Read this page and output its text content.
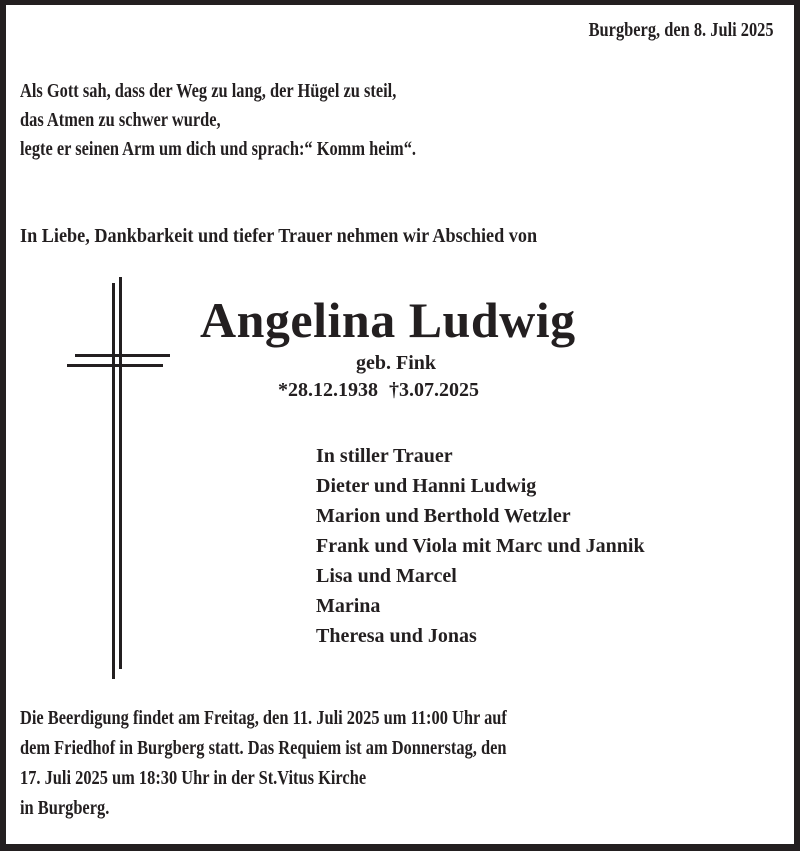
Burgberg, den 8. Juli 2025
Als Gott sah, dass der Weg zu lang, der Hügel zu steil,
das Atmen zu schwer wurde,
legte er seinen Arm um dich und sprach:“ Komm heim“.
In Liebe, Dankbarkeit und tiefer Trauer nehmen wir Abschied von
Angelina Ludwig
geb. Fink
*28.12.1938 †3.07.2025
In stiller Trauer
Dieter und Hanni Ludwig
Marion und Berthold Wetzler
Frank und Viola mit Marc und Jannik
Lisa und Marcel
Marina
Theresa und Jonas
Die Beerdigung findet am Freitag, den 11. Juli 2025 um 11:00 Uhr auf
dem Friedhof in Burgberg statt. Das Requiem ist am Donnerstag, den
17. Juli 2025 um 18:30 Uhr in der St.Vitus Kirche
in Burgberg.
